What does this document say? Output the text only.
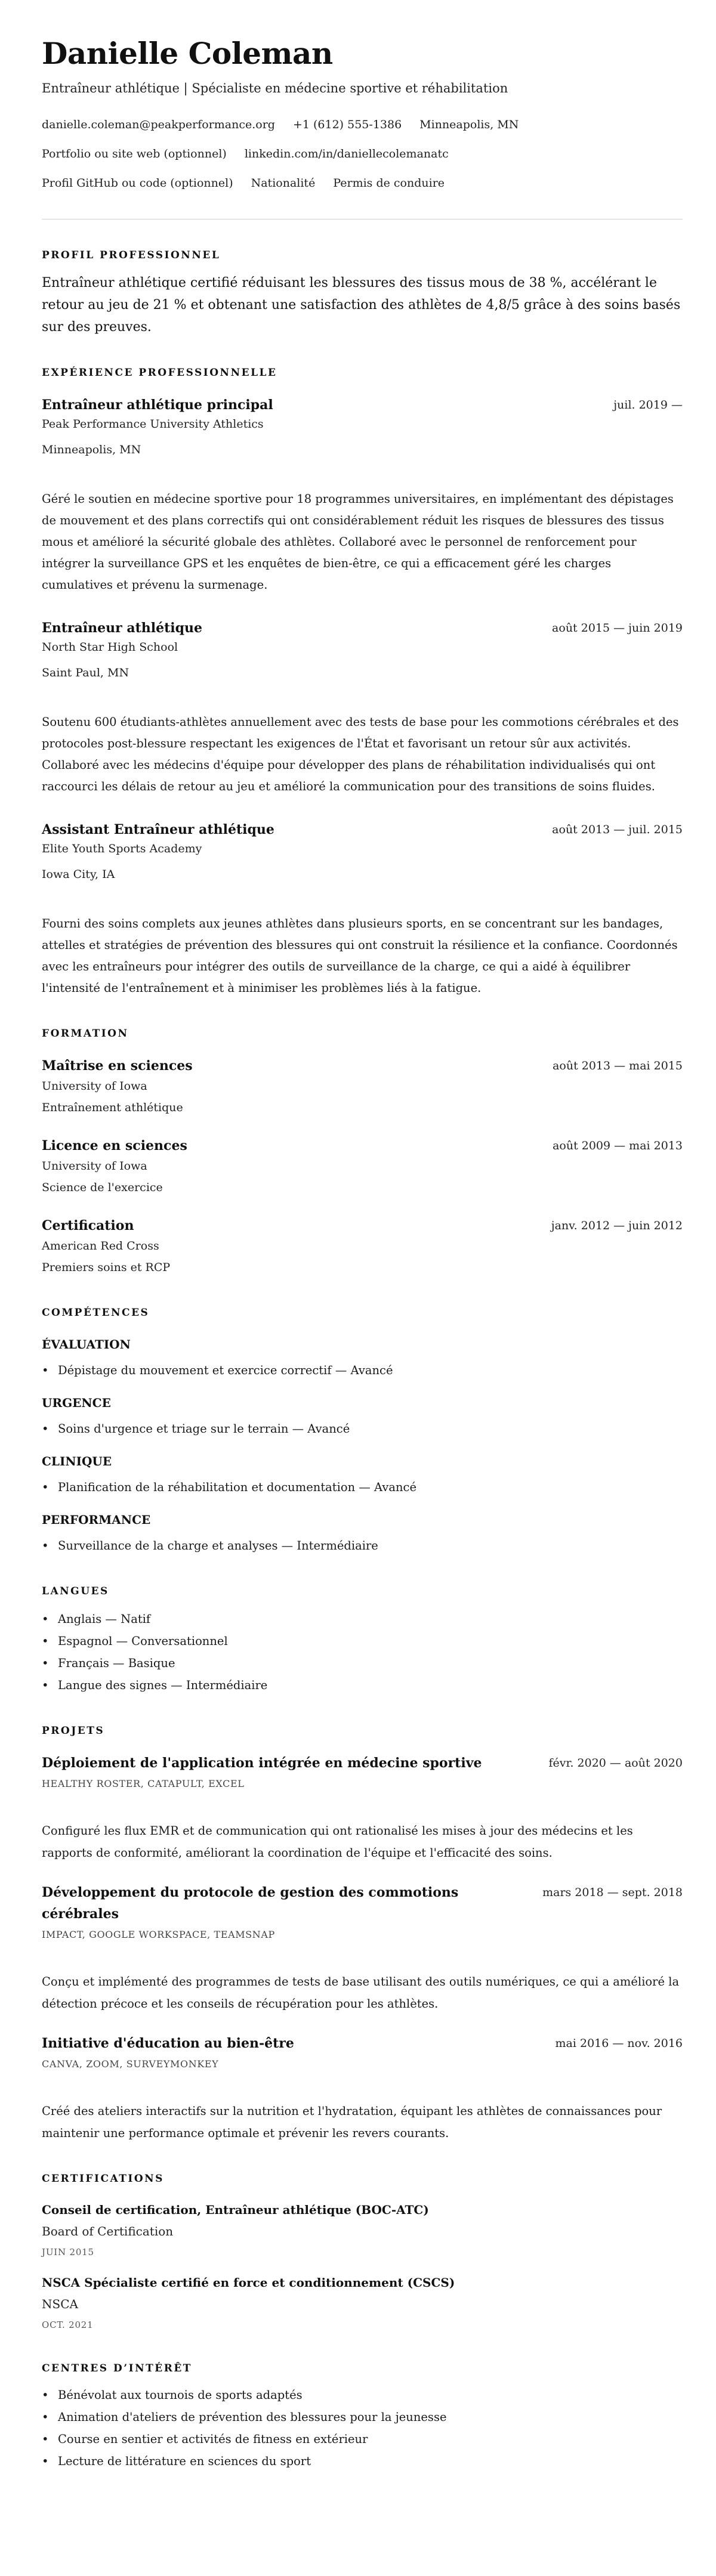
Danielle Coleman
Entraîneur athlétique | Spécialiste en médecine sportive et réhabilitation
danielle.coleman@peakperformance.org +1 (612) 555-1386 Minneapolis, MN
Portfolio ou site web (optionnel) linkedin.com/in/daniellecolemanatc
Profil GitHub ou code (optionnel) Nationalité Permis de conduire
PROFIL PROFESSIONNEL
Entraîneur athlétique certifié réduisant les blessures des tissus mous de 38 %, accélérant le retour au jeu de 21 % et obtenant une satisfaction des athlètes de 4,8/5 grâce à des soins basés sur des preuves.
EXPÉRIENCE PROFESSIONNELLE
Entraîneur athlétique principal	juil. 2019 —
Peak Performance University Athletics
Minneapolis, MN
Géré le soutien en médecine sportive pour 18 programmes universitaires, en implémentant des dépistages de mouvement et des plans correctifs qui ont considérablement réduit les risques de blessures des tissus mous et amélioré la sécurité globale des athlètes. Collaboré avec le personnel de renforcement pour intégrer la surveillance GPS et les enquêtes de bien-être, ce qui a efficacement géré les charges cumulatives et prévenu la surmenage.
Entraîneur athlétique	août 2015 — juin 2019
North Star High School
Saint Paul, MN
Soutenu 600 étudiants-athlètes annuellement avec des tests de base pour les commotions cérébrales et des protocoles post-blessure respectant les exigences de l'État et favorisant un retour sûr aux activités. Collaboré avec les médecins d'équipe pour développer des plans de réhabilitation individualisés qui ont raccourci les délais de retour au jeu et amélioré la communication pour des transitions de soins fluides.
Assistant Entraîneur athlétique	août 2013 — juil. 2015
Elite Youth Sports Academy
Iowa City, IA
Fourni des soins complets aux jeunes athlètes dans plusieurs sports, en se concentrant sur les bandages, attelles et stratégies de prévention des blessures qui ont construit la résilience et la confiance. Coordonnés avec les entraîneurs pour intégrer des outils de surveillance de la charge, ce qui a aidé à équilibrer l'intensité de l'entraînement et à minimiser les problèmes liés à la fatigue.
FORMATION
Maîtrise en sciences	août 2013 — mai 2015
University of Iowa
Entraînement athlétique
Licence en sciences	août 2009 — mai 2013
University of Iowa
Science de l'exercice
Certification	janv. 2012 — juin 2012
American Red Cross
Premiers soins et RCP
COMPÉTENCES
ÉVALUATION
• Dépistage du mouvement et exercice correctif — Avancé
URGENCE
• Soins d'urgence et triage sur le terrain — Avancé
CLINIQUE
• Planification de la réhabilitation et documentation — Avancé
PERFORMANCE
• Surveillance de la charge et analyses — Intermédiaire
LANGUES
• Anglais — Natif
• Espagnol — Conversationnel
• Français — Basique
• Langue des signes — Intermédiaire
PROJETS
Déploiement de l'application intégrée en médecine sportive	févr. 2020 — août 2020
HEALTHY ROSTER, CATAPULT, EXCEL
Configuré les flux EMR et de communication qui ont rationalisé les mises à jour des médecins et les rapports de conformité, améliorant la coordination de l'équipe et l'efficacité des soins.
Développement du protocole de gestion des commotions cérébrales
mars 2018 — sept. 2018
IMPACT, GOOGLE WORKSPACE, TEAMSNAP
Conçu et implémenté des programmes de tests de base utilisant des outils numériques, ce qui a amélioré la détection précoce et les conseils de récupération pour les athlètes.
Initiative d'éducation au bien-être	mai 2016 — nov. 2016
CANVA, ZOOM, SURVEYMONKEY
Créé des ateliers interactifs sur la nutrition et l'hydratation, équipant les athlètes de connaissances pour maintenir une performance optimale et prévenir les revers courants.
CERTIFICATIONS
Conseil de certification, Entraîneur athlétique (BOC-ATC)
Board of Certification
JUIN 2015
NSCA Spécialiste certifié en force et conditionnement (CSCS)
NSCA
OCT. 2021
CENTRES D’INTÉRÊT
• Bénévolat aux tournois de sports adaptés
• Animation d'ateliers de prévention des blessures pour la jeunesse
• Course en sentier et activités de fitness en extérieur
• Lecture de littérature en sciences du sport
